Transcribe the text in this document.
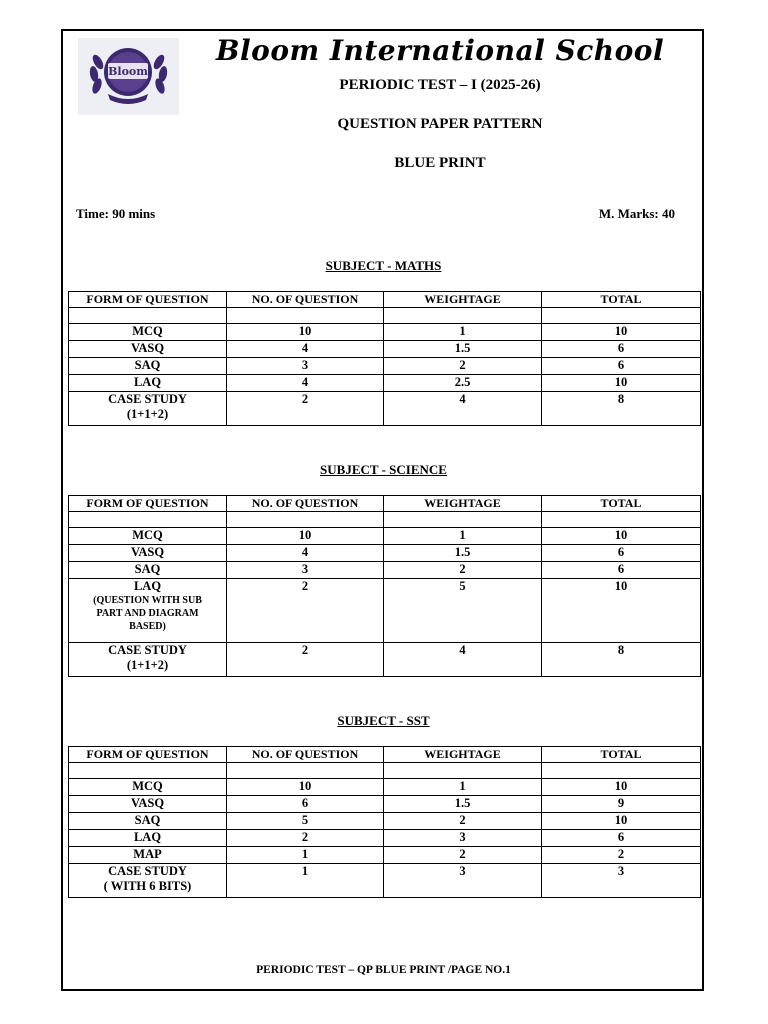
Bloom
Bloom International School
PERIODIC TEST – I (2025-26)
QUESTION PAPER PATTERN
BLUE PRINT
Time: 90 mins	M. Marks: 40
SUBJECT - MATHS
FORM OF QUESTION	NO. OF QUESTION	WEIGHTAGE	TOTAL

MCQ	10	1	10
VASQ	4	1.5	6
SAQ	3	2	6
LAQ	4	2.5	10

CASE STUDY
(1+1+2)	2	4	8
SUBJECT - SCIENCE
FORM OF QUESTION	NO. OF QUESTION	WEIGHTAGE	TOTAL

MCQ	10	1	10
VASQ	4	1.5	6
SAQ	3	2	6

LAQ
(QUESTION WITH SUB PART AND DIAGRAM BASED)	2	5	10

CASE STUDY
(1+1+2)	2	4	8
SUBJECT - SST
FORM OF QUESTION	NO. OF QUESTION	WEIGHTAGE	TOTAL

MCQ	10	1	10
VASQ	6	1.5	9
SAQ	5	2	10
LAQ	2	3	6
MAP	1	2	2

CASE STUDY
( WITH 6 BITS)	1	3	3
PERIODIC TEST – QP BLUE PRINT /PAGE NO.1
